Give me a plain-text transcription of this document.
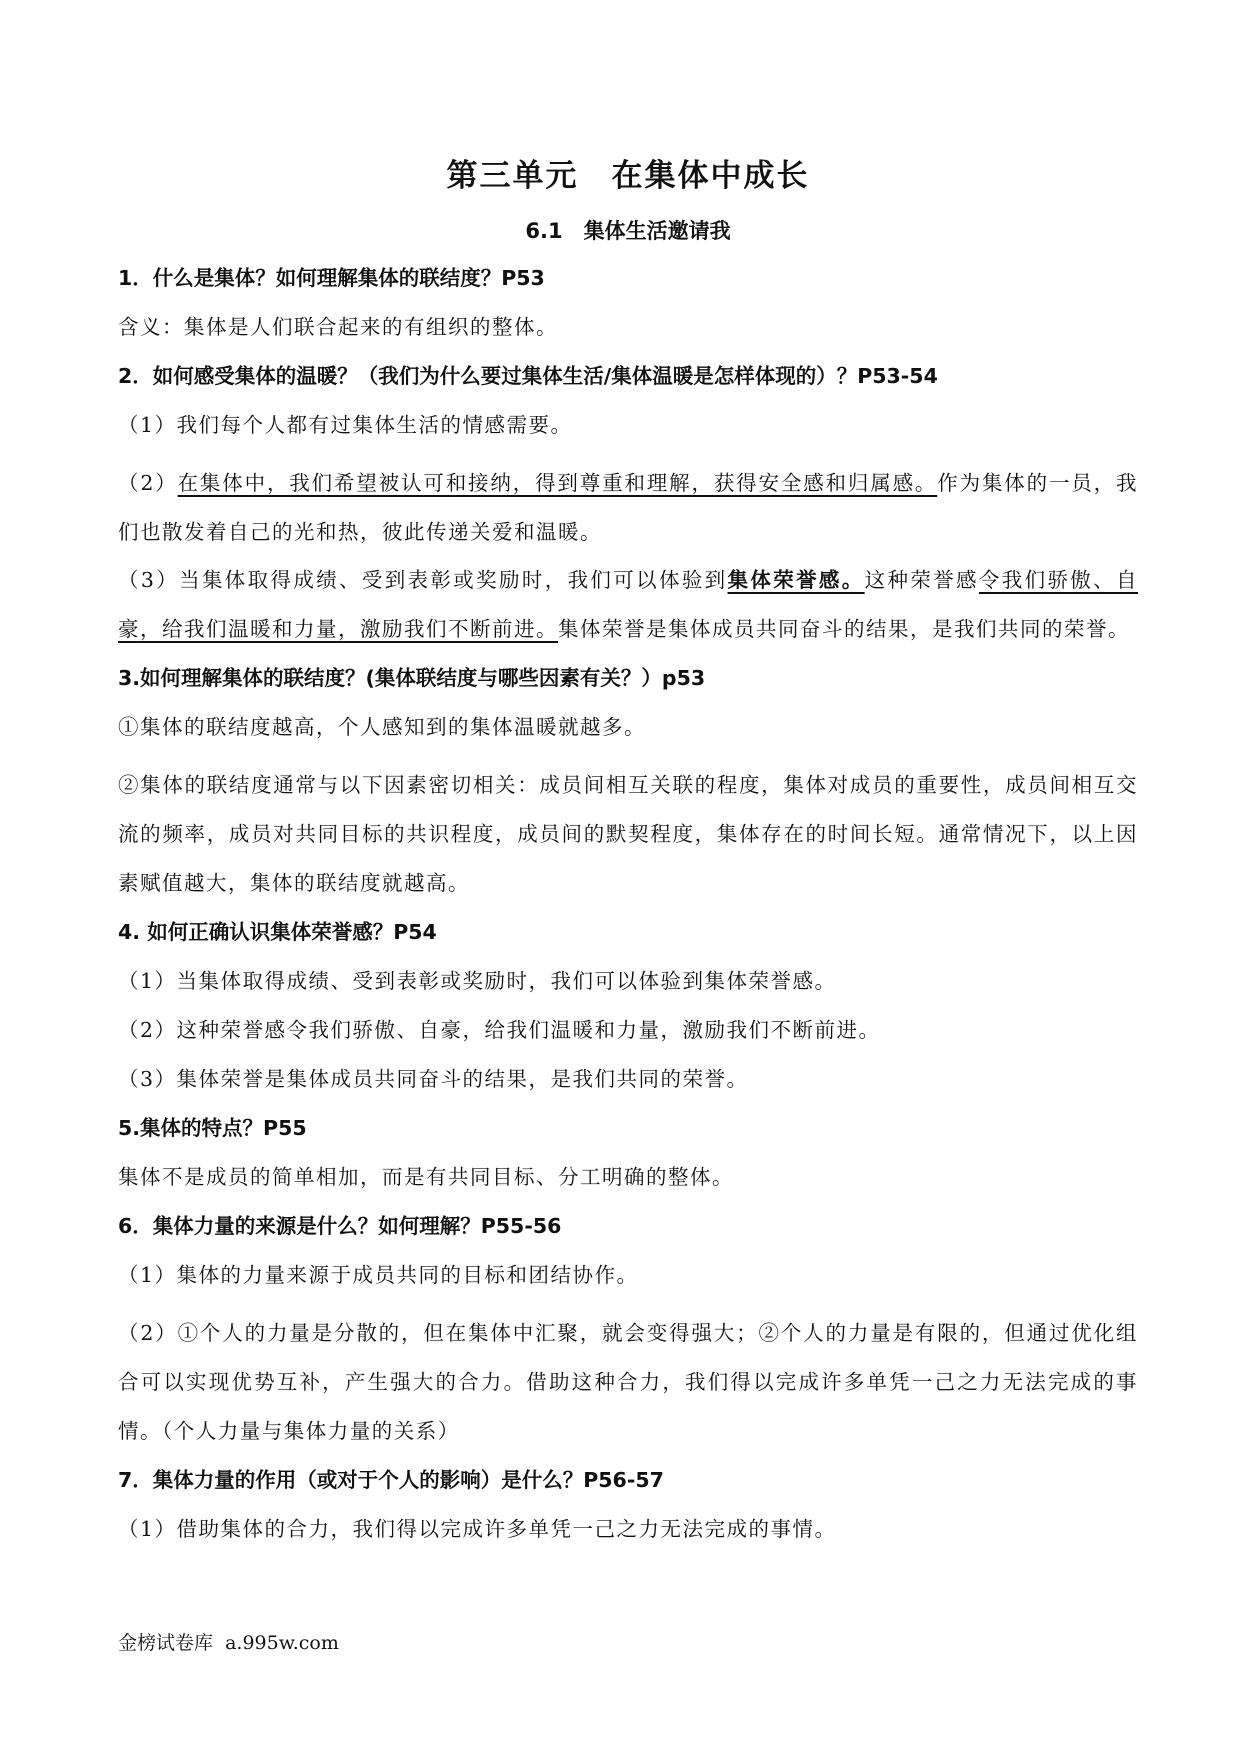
第三单元　在集体中成长
6.1　集体生活邀请我
1．什么是集体？如何理解集体的联结度？P53
含义：集体是人们联合起来的有组织的整体。
2．如何感受集体的温暖？（我们为什么要过集体生活/集体温暖是怎样体现的）？P53-54
（1）我们每个人都有过集体生活的情感需要。
（2）在集体中，我们希望被认可和接纳，得到尊重和理解，获得安全感和归属感。作为集体的一员，我们也散发着自己的光和热，彼此传递关爱和温暖。
（3）当集体取得成绩、受到表彰或奖励时，我们可以体验到集体荣誉感。这种荣誉感令我们骄傲、自豪，给我们温暖和力量，激励我们不断前进。集体荣誉是集体成员共同奋斗的结果，是我们共同的荣誉。
3.如何理解集体的联结度？(集体联结度与哪些因素有关？）p53
①集体的联结度越高，个人感知到的集体温暖就越多。
②集体的联结度通常与以下因素密切相关：成员间相互关联的程度，集体对成员的重要性，成员间相互交流的频率，成员对共同目标的共识程度，成员间的默契程度，集体存在的时间长短。通常情况下，以上因素赋值越大，集体的联结度就越高。
4. 如何正确认识集体荣誉感？P54
（1）当集体取得成绩、受到表彰或奖励时，我们可以体验到集体荣誉感。
（2）这种荣誉感令我们骄傲、自豪，给我们温暖和力量，激励我们不断前进。
（3）集体荣誉是集体成员共同奋斗的结果，是我们共同的荣誉。
5.集体的特点？P55
集体不是成员的简单相加，而是有共同目标、分工明确的整体。
6．集体力量的来源是什么？如何理解？P55-56
（1）集体的力量来源于成员共同的目标和团结协作。
（2）①个人的力量是分散的，但在集体中汇聚，就会变得强大；②个人的力量是有限的，但通过优化组合可以实现优势互补，产生强大的合力。借助这种合力，我们得以完成许多单凭一己之力无法完成的事情。（个人力量与集体力量的关系）
7．集体力量的作用（或对于个人的影响）是什么？P56-57
（1）借助集体的合力，我们得以完成许多单凭一己之力无法完成的事情。
金榜试卷库  a.995w.com
